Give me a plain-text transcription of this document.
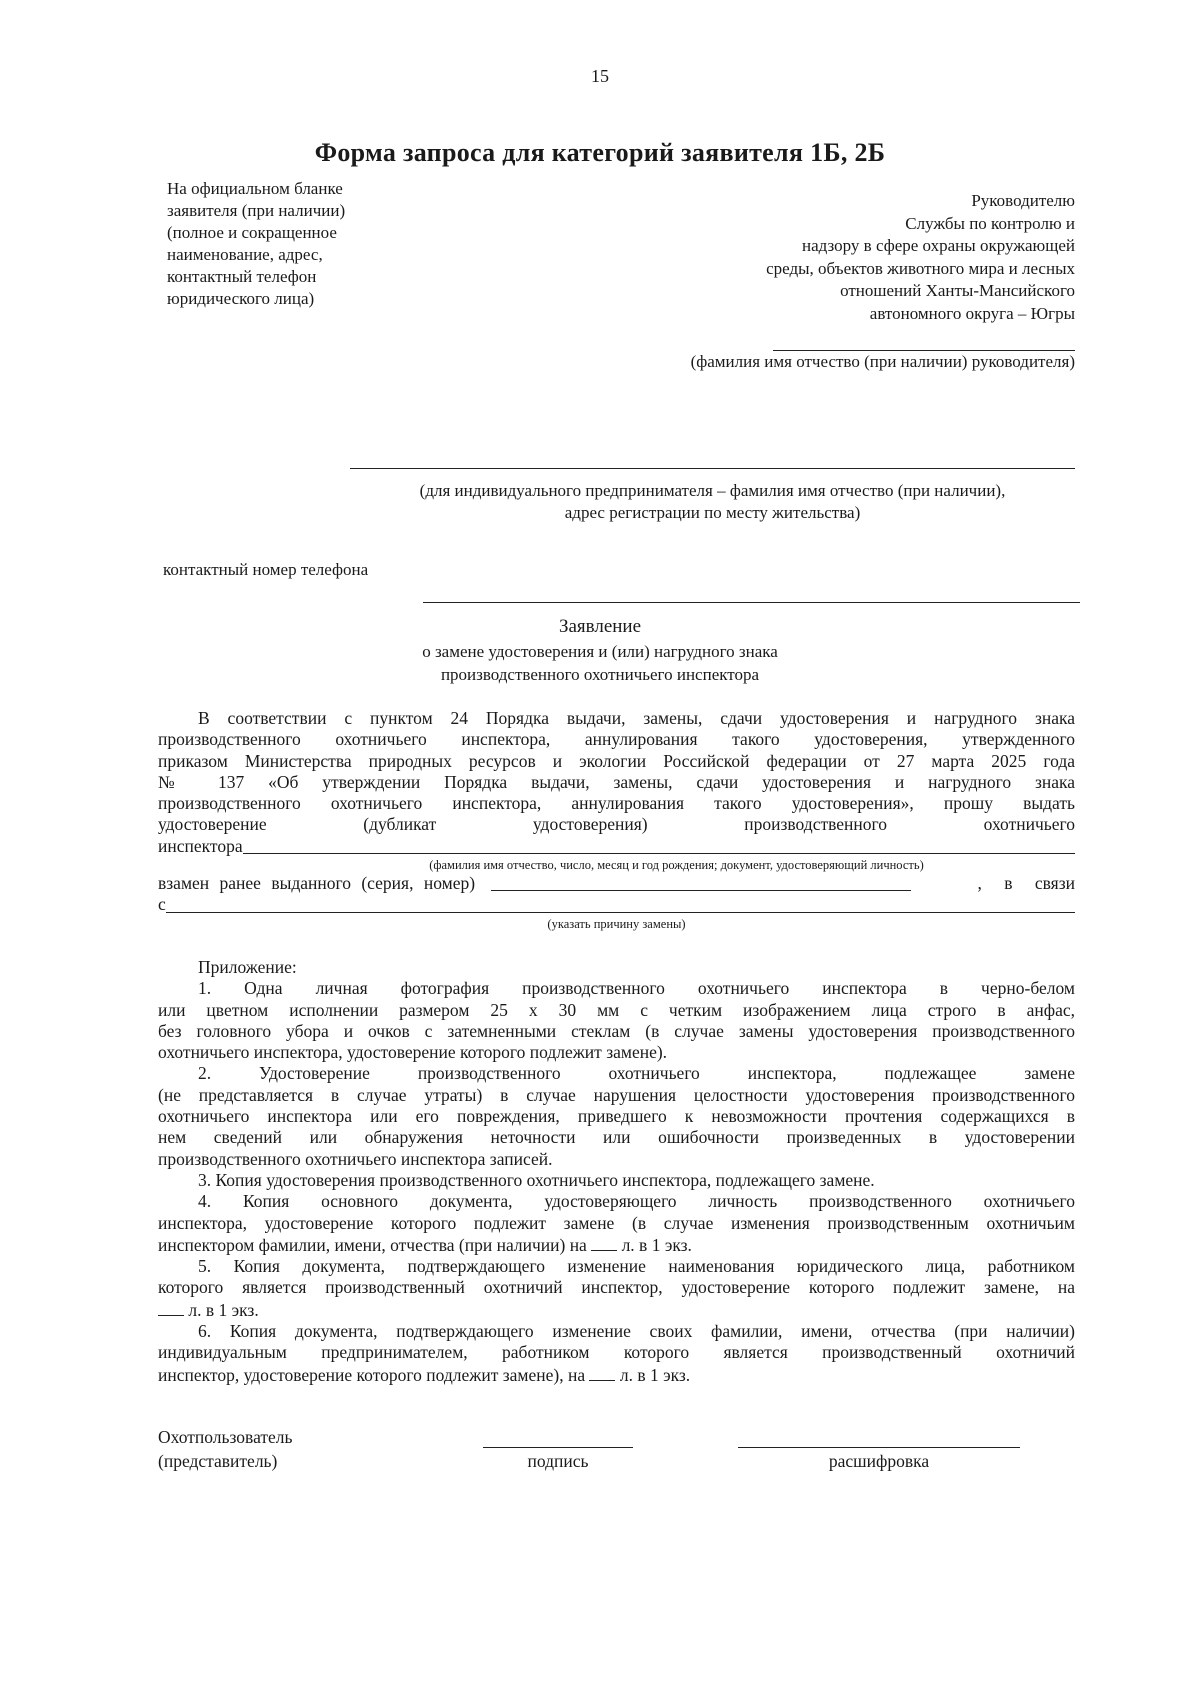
15
Форма запроса для категорий заявителя 1Б, 2Б
На официальном бланке
заявителя (при наличии)
(полное и сокращенное
наименование, адрес,
контактный телефон
юридического лица)
Руководителю
Службы по контролю и
надзору в сфере охраны окружающей
среды, объектов животного мира и лесных
отношений Ханты-Мансийского
автономного округа – Югры
(фамилия имя отчество (при наличии) руководителя)
(для индивидуального предпринимателя – фамилия имя отчество (при наличии),
адрес регистрации по месту жительства)
контактный номер телефона
Заявление
о замене удостоверения и (или) нагрудного знака
производственного охотничьего инспектора
В соответствии с пунктом 24 Порядка выдачи, замены, сдачи удостоверения и нагрудного знака
производственного охотничьего инспектора, аннулирования такого удостоверения, утвержденного
приказом Министерства природных ресурсов и экологии Российской федерации от 27 марта 2025 года
№ 137 «Об утверждении Порядка выдачи, замены, сдачи удостоверения и нагрудного знака
производственного охотничьего инспектора, аннулирования такого удостоверения», прошу выдать
удостоверение (дубликат удостоверения) производственного охотничьего
инспектора
(фамилия имя отчество, число, месяц и год рождения; документ, удостоверяющий личность)
взамен ранее выданного (серия, номер)	, в связи
с
(указать причину замены)
Приложение:
1. Одна личная фотография производственного охотничьего инспектора в черно-белом
или цветном исполнении размером 25 х 30 мм с четким изображением лица строго в анфас,
без головного убора и очков с затемненными стеклам (в случае замены удостоверения производственного
охотничьего инспектора, удостоверение которого подлежит замене).
2. Удостоверение производственного охотничьего инспектора, подлежащее замене
(не представляется в случае утраты) в случае нарушения целостности удостоверения производственного
охотничьего инспектора или его повреждения, приведшего к невозможности прочтения содержащихся в
нем сведений или обнаружения неточности или ошибочности произведенных в удостоверении
производственного охотничьего инспектора записей.
3. Копия удостоверения производственного охотничьего инспектора, подлежащего замене.
4. Копия основного документа, удостоверяющего личность производственного охотничьего
инспектора, удостоверение которого подлежит замене (в случае изменения производственным охотничьим
инспектором фамилии, имени, отчества (при наличии) на  л. в 1 экз.
5. Копия документа, подтверждающего изменение наименования юридического лица, работником
которого является производственный охотничий инспектор, удостоверение которого подлежит замене, на
л. в 1 экз.
6. Копия документа, подтверждающего изменение своих фамилии, имени, отчества (при наличии)
индивидуальным предпринимателем, работником которого является производственный охотничий
инспектор, удостоверение которого подлежит замене), на  л. в 1 экз.
Охотпользователь
(представитель)	подпись	расшифровка
